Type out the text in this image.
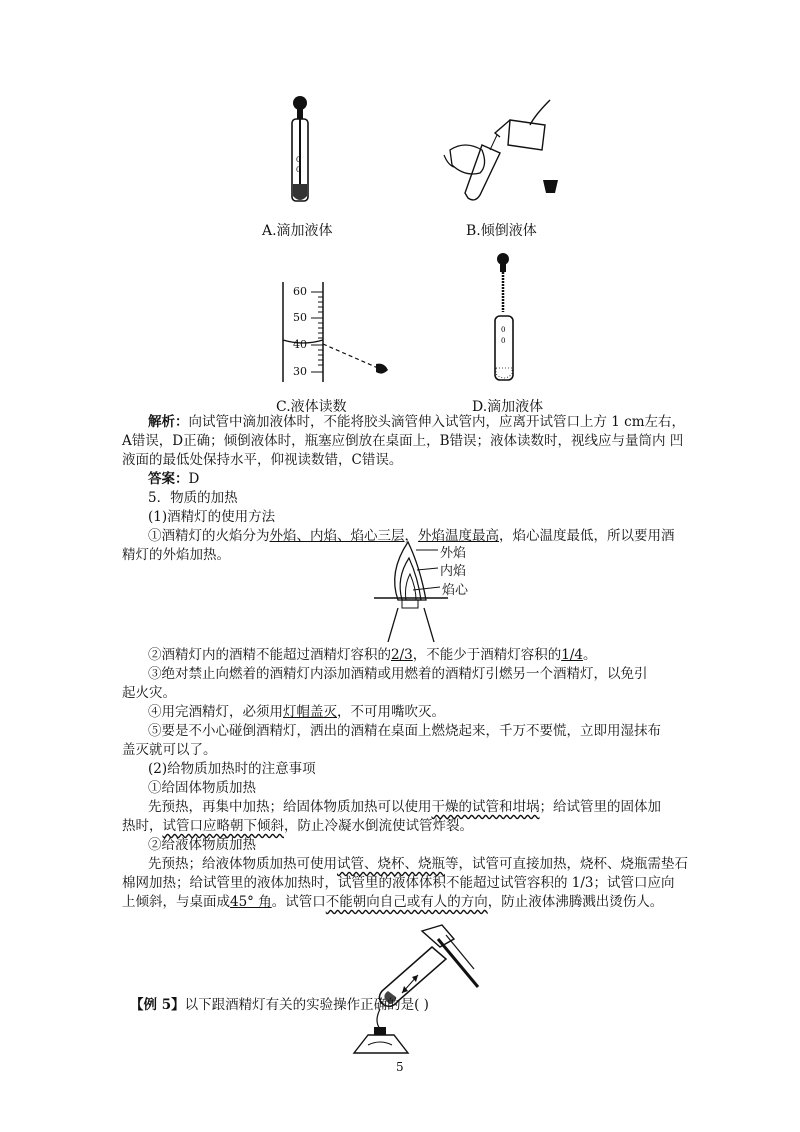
0
0
A.滴加液体	B.倾倒液体
60
50
40
30
C.液体读数
0
0
D.滴加液体
解析：向试管中滴加液体时，不能将胶头滴管伸入试管内，应离开试管口上方 1 cm左右，
A错误，D正确；倾倒液体时，瓶塞应倒放在桌面上，B错误；液体读数时，视线应与量筒内 凹
液面的最低处保持水平，仰视读数错，C错误。
答案：D
5．物质的加热
(1)酒精灯的使用方法
①酒精灯的火焰分为外焰、内焰、焰心三层，外焰温度最高，焰心温度最低，所以要用酒
精灯的外焰加热。	外焰
内焰
焰心
②酒精灯内的酒精不能超过酒精灯容积的2/3，不能少于酒精灯容积的1/4。
③绝对禁止向燃着的酒精灯内添加酒精或用燃着的酒精灯引燃另一个酒精灯，以免引
起火灾。
④用完酒精灯，必须用灯帽盖灭，不可用嘴吹灭。
⑤要是不小心碰倒酒精灯，洒出的酒精在桌面上燃烧起来，千万不要慌，立即用湿抹布
盖灭就可以了。
(2)给物质加热时的注意事项
①给固体物质加热
先预热，再集中加热；给固体物质加热可以使用干燥的试管和坩埚；给试管里的固体加
热时，试管口应略朝下倾斜，防止冷凝水倒流使试管炸裂。
②给液体物质加热
先预热；给液体物质加热可使用试管、烧杯、烧瓶等，试管可直接加热，烧杯、烧瓶需垫石
棉网加热；给试管里的液体加热时，试管里的液体体积不能超过试管容积的 1/3；试管口应向
上倾斜，与桌面成45° 角。试管口不能朝向自己或有人的方向，防止液体沸腾溅出烫伤人。
【例 5】以下跟酒精灯有关的实验操作正确的是( )
5
